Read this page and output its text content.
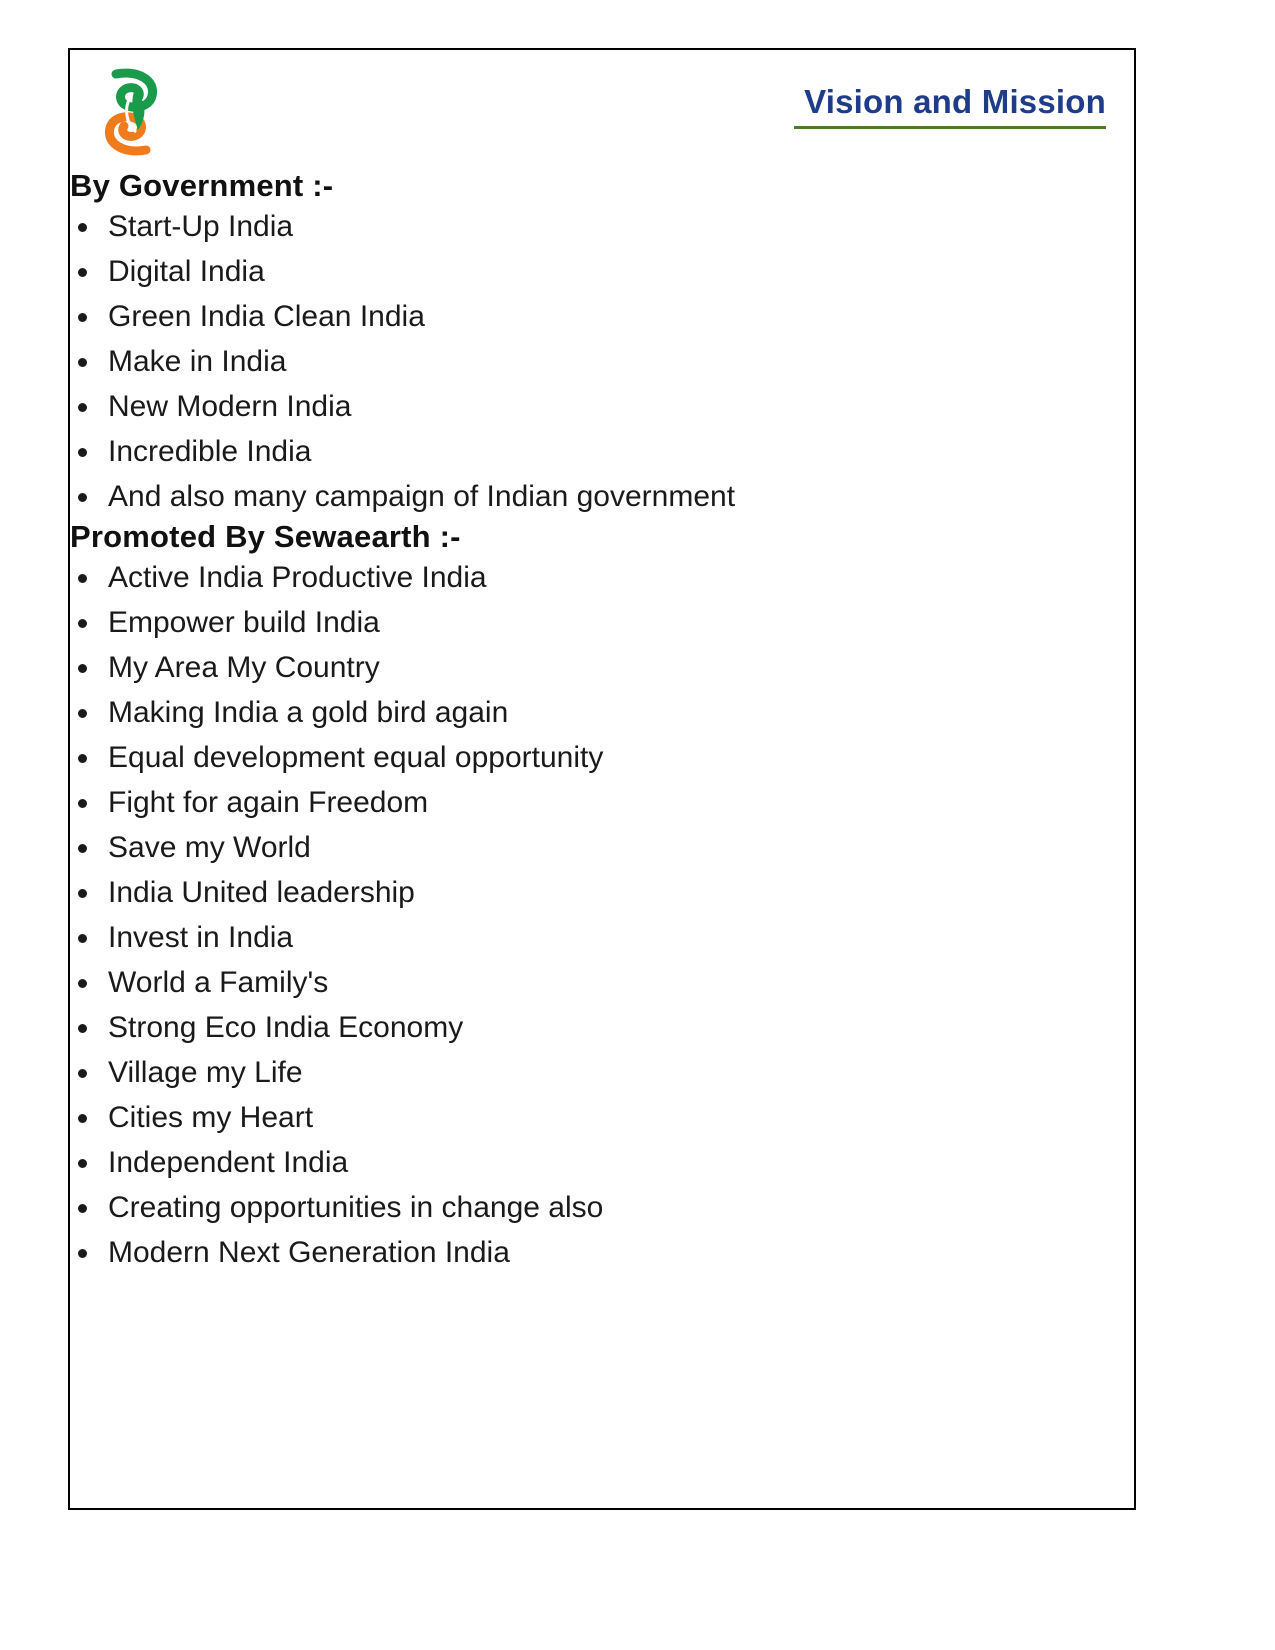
Vision and Mission
By Government :-
Start-Up India
Digital India
Green India Clean India
Make in India
New Modern India
Incredible India
And also many campaign of Indian government
Promoted By Sewaearth :-
Active India Productive India
Empower build India
My Area My Country
Making India a gold bird again
Equal development equal opportunity
Fight for again Freedom
Save my World
India United leadership
Invest in India
World a Family's
Strong Eco India Economy
Village my Life
Cities my Heart
Independent India
Creating opportunities in change also
Modern Next Generation India
